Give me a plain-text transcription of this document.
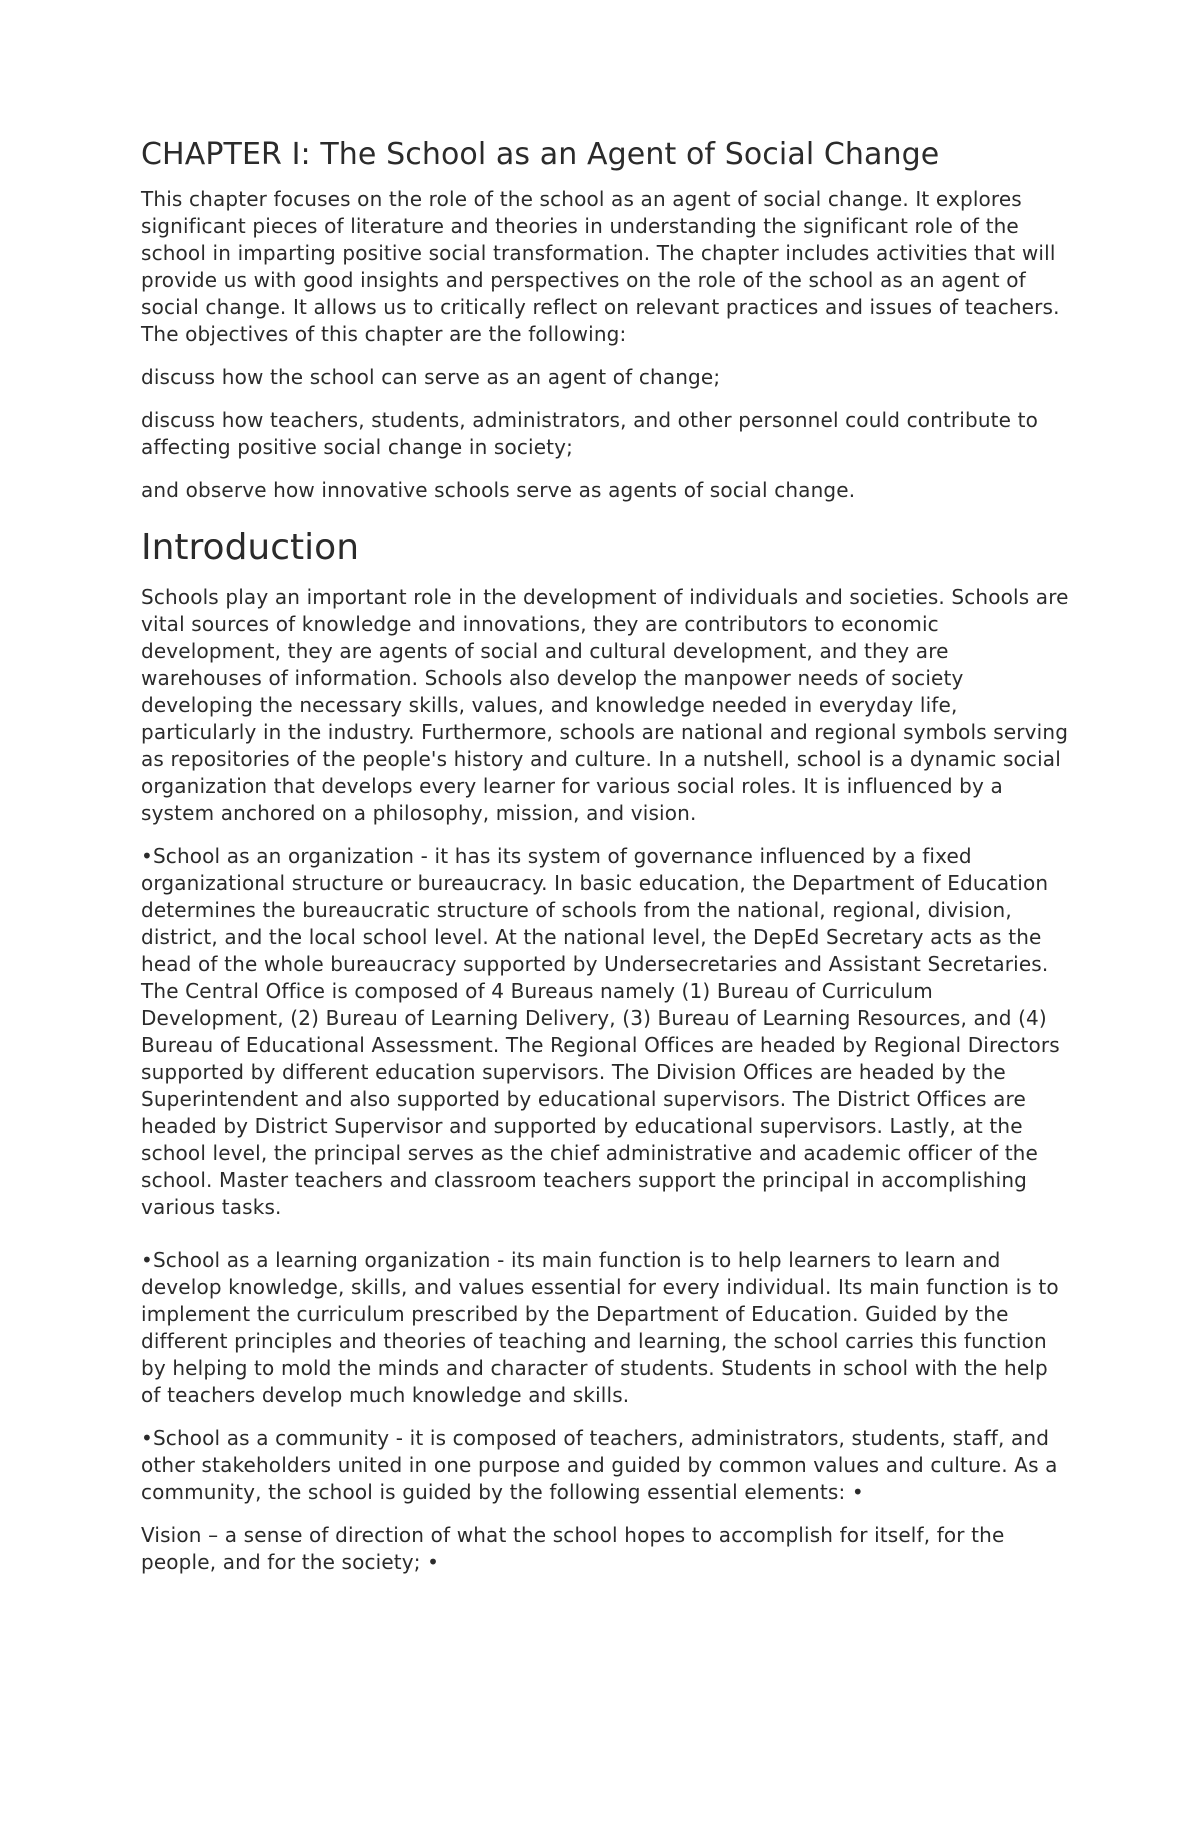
CHAPTER I: The School as an Agent of Social Change

This chapter focuses on the role of the school as an agent of social change. It explores significant pieces of literature and theories in understanding the significant role of the school in imparting positive social transformation. The chapter includes activities that will provide us with good insights and perspectives on the role of the school as an agent of social change. It allows us to critically reflect on relevant practices and issues of teachers. The objectives of this chapter are the following:

discuss how the school can serve as an agent of change;

discuss how teachers, students, administrators, and other personnel could contribute to affecting positive social change in society;

and observe how innovative schools serve as agents of social change.

Introduction

Schools play an important role in the development of individuals and societies. Schools are vital sources of knowledge and innovations, they are contributors to economic development, they are agents of social and cultural development, and they are warehouses of information. Schools also develop the manpower needs of society developing the necessary skills, values, and knowledge needed in everyday life, particularly in the industry. Furthermore, schools are national and regional symbols serving as repositories of the people's history and culture. In a nutshell, school is a dynamic social organization that develops every learner for various social roles. It is influenced by a system anchored on a philosophy, mission, and vision.

•School as an organization - it has its system of governance influenced by a fixed organizational structure or bureaucracy. In basic education, the Department of Education determines the bureaucratic structure of schools from the national, regional, division, district, and the local school level. At the national level, the DepEd Secretary acts as the head of the whole bureaucracy supported by Undersecretaries and Assistant Secretaries. The Central Office is composed of 4 Bureaus namely (1) Bureau of Curriculum Development, (2) Bureau of Learning Delivery, (3) Bureau of Learning Resources, and (4) Bureau of Educational Assessment. The Regional Offices are headed by Regional Directors supported by different education supervisors. The Division Offices are headed by the Superintendent and also supported by educational supervisors. The District Offices are headed by District Supervisor and supported by educational supervisors. Lastly, at the school level, the principal serves as the chief administrative and academic officer of the school. Master teachers and classroom teachers support the principal in accomplishing various tasks.

•School as a learning organization - its main function is to help learners to learn and develop knowledge, skills, and values essential for every individual. Its main function is to implement the curriculum prescribed by the Department of Education. Guided by the different principles and theories of teaching and learning, the school carries this function by helping to mold the minds and character of students. Students in school with the help of teachers develop much knowledge and skills.

•School as a community - it is composed of teachers, administrators, students, staff, and other stakeholders united in one purpose and guided by common values and culture. As a community, the school is guided by the following essential elements: •

Vision – a sense of direction of what the school hopes to accomplish for itself, for the people, and for the society; •
